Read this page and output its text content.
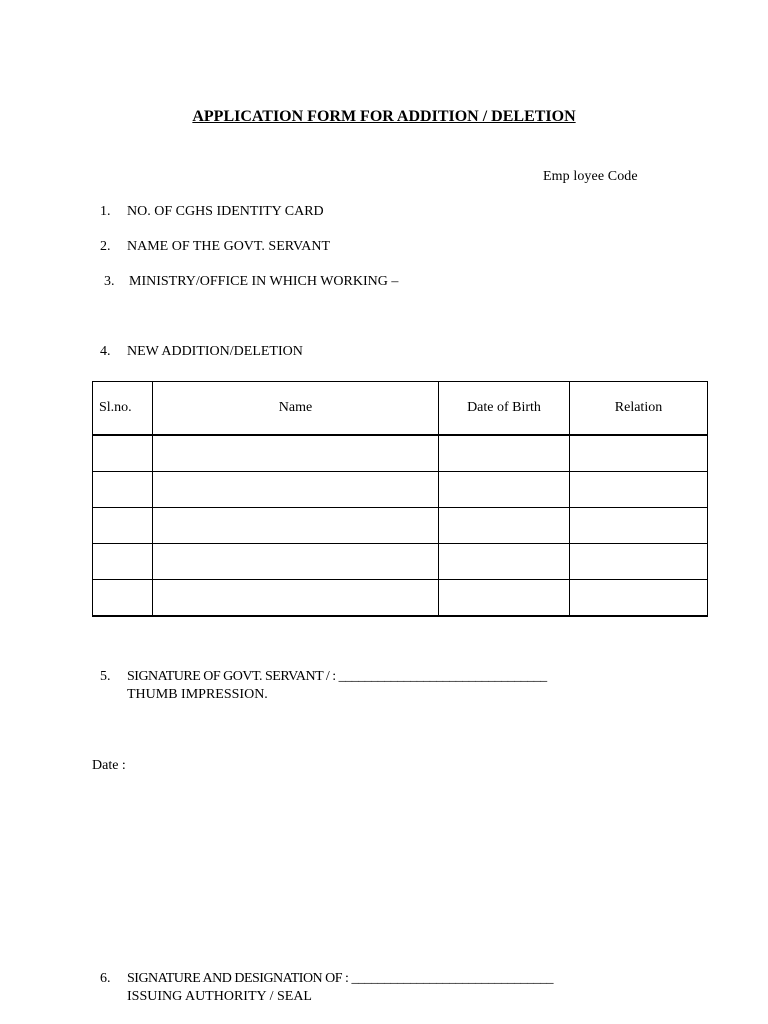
APPLICATION FORM FOR ADDITION / DELETION
Emp loyee Code
1. NO. OF CGHS IDENTITY CARD
2. NAME OF THE GOVT. SERVANT
3. MINISTRY/OFFICE IN WHICH WORKING –
4. NEW ADDITION/DELETION
Sl.no.	Name	Date of Birth	Relation

5. SIGNATURE OF GOVT. SERVANT / : ________________________________
THUMB IMPRESSION.
Date :
6. SIGNATURE AND DESIGNATION OF : _______________________________
ISSUING AUTHORITY / SEAL
